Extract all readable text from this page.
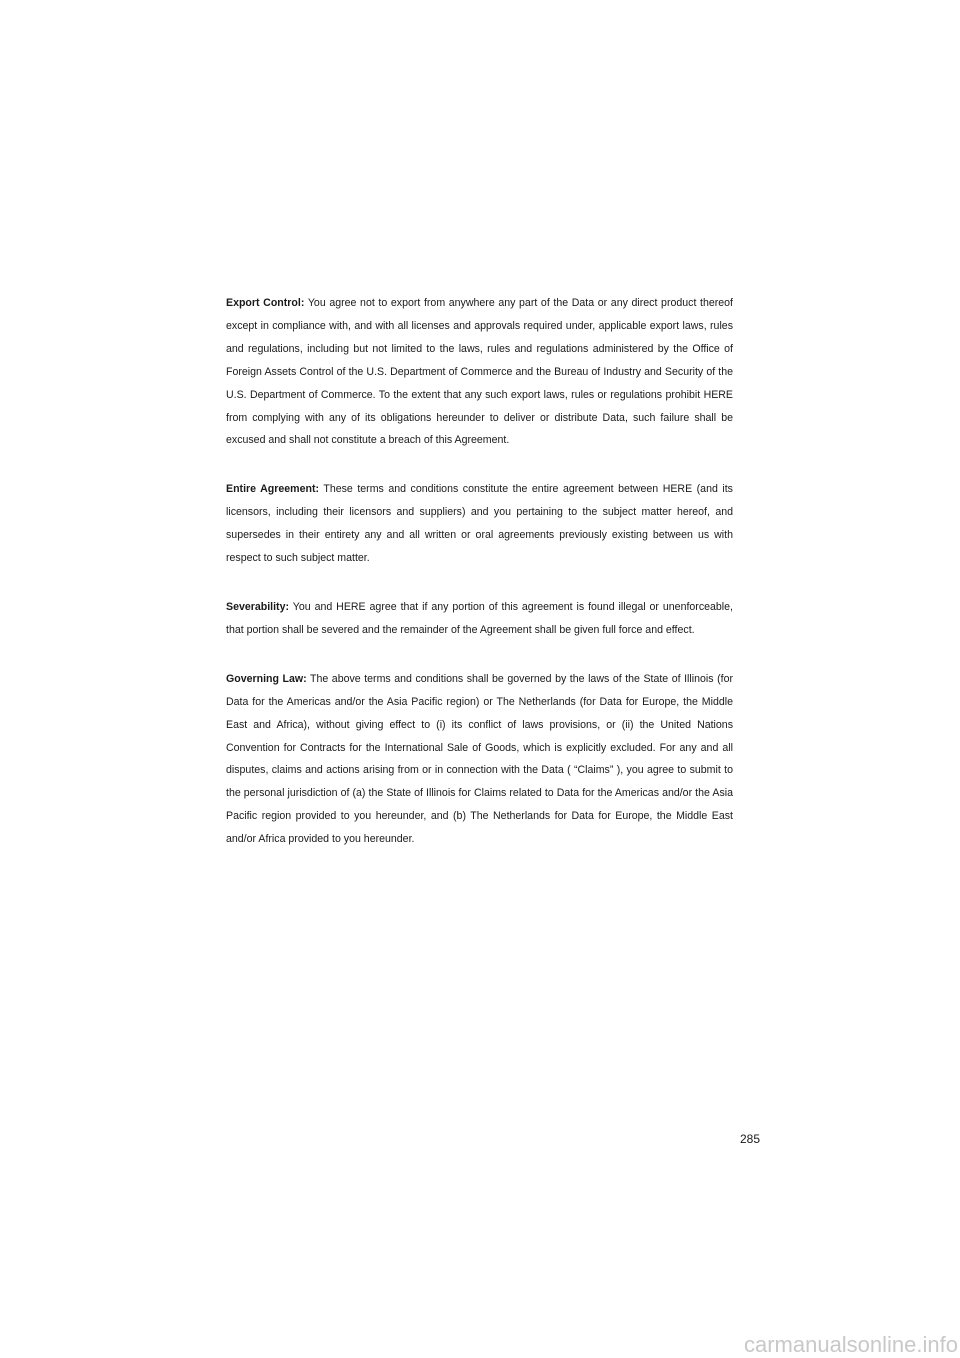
Export Control: You agree not to export from anywhere any part of the Data or any direct product thereof except in compliance with, and with all licenses and approvals required under, applicable export laws, rules and regulations, including but not limited to the laws, rules and regulations administered by the Office of Foreign Assets Control of the U.S. Department of Commerce and the Bureau of Industry and Security of the U.S. Department of Commerce. To the extent that any such export laws, rules or regulations prohibit HERE from complying with any of its obligations hereunder to deliver or distribute Data, such failure shall be excused and shall not constitute a breach of this Agreement.

Entire Agreement: These terms and conditions constitute the entire agreement between HERE (and its licensors, including their licensors and suppliers) and you pertaining to the subject matter hereof, and supersedes in their entirety any and all written or oral agreements previously existing between us with respect to such subject matter.

Severability: You and HERE agree that if any portion of this agreement is found illegal or unenforceable, that portion shall be severed and the remainder of the Agreement shall be given full force and effect.

Governing Law: The above terms and conditions shall be governed by the laws of the State of Illinois (for Data for the Americas and/or the Asia Pacific region) or The Netherlands (for Data for Europe, the Middle East and Africa), without giving effect to (i) its conflict of laws provisions, or (ii) the United Nations Convention for Contracts for the International Sale of Goods, which is explicitly excluded. For any and all disputes, claims and actions arising from or in connection with the Data ( “Claims” ), you agree to submit to the personal jurisdiction of (a) the State of Illinois for Claims related to Data for the Americas and/or the Asia Pacific region provided to you hereunder, and (b) The Netherlands for Data for Europe, the Middle East and/or Africa provided to you hereunder.

285
carmanualsonline.info
